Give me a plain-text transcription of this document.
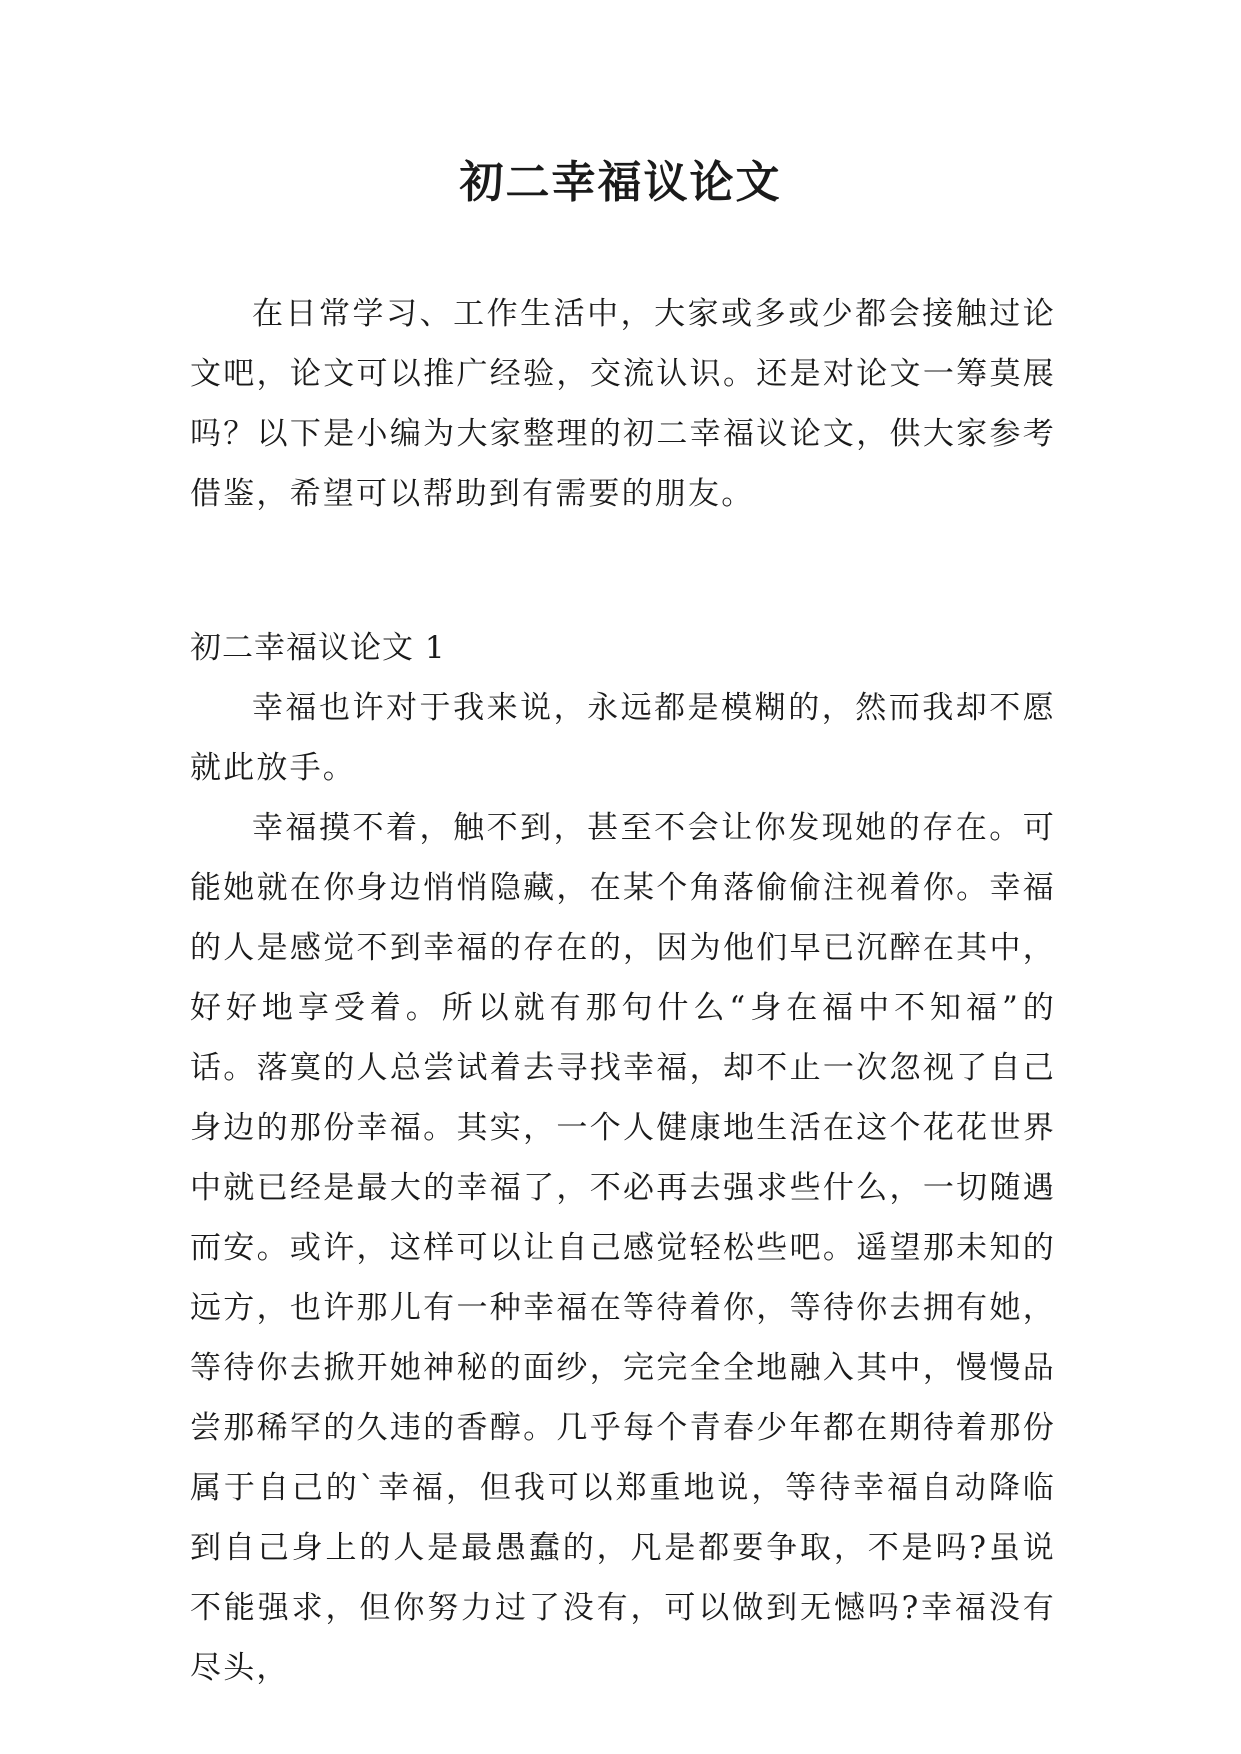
初二幸福议论文

在日常学习、工作生活中，大家或多或少都会接触过论文吧，论文可以推广经验，交流认识。还是对论文一筹莫展吗？以下是小编为大家整理的初二幸福议论文，供大家参考借鉴，希望可以帮助到有需要的朋友。

初二幸福议论文 1

幸福也许对于我来说，永远都是模糊的，然而我却不愿就此放手。

幸福摸不着，触不到，甚至不会让你发现她的存在。可能她就在你身边悄悄隐藏，在某个角落偷偷注视着你。幸福的人是感觉不到幸福的存在的，因为他们早已沉醉在其中，好好地享受着。所以就有那句什么“身在福中不知福”的话。落寞的人总尝试着去寻找幸福，却不止一次忽视了自己身边的那份幸福。其实，一个人健康地生活在这个花花世界中就已经是最大的幸福了，不必再去强求些什么，一切随遇而安。或许，这样可以让自己感觉轻松些吧。遥望那未知的远方，也许那儿有一种幸福在等待着你，等待你去拥有她，等待你去掀开她神秘的面纱，完完全全地融入其中，慢慢品尝那稀罕的久违的香醇。几乎每个青春少年都在期待着那份属于自己的`幸福，但我可以郑重地说，等待幸福自动降临到自己身上的人是最愚蠢的，凡是都要争取，不是吗?虽说不能强求，但你努力过了没有，可以做到无憾吗?幸福没有尽头，
